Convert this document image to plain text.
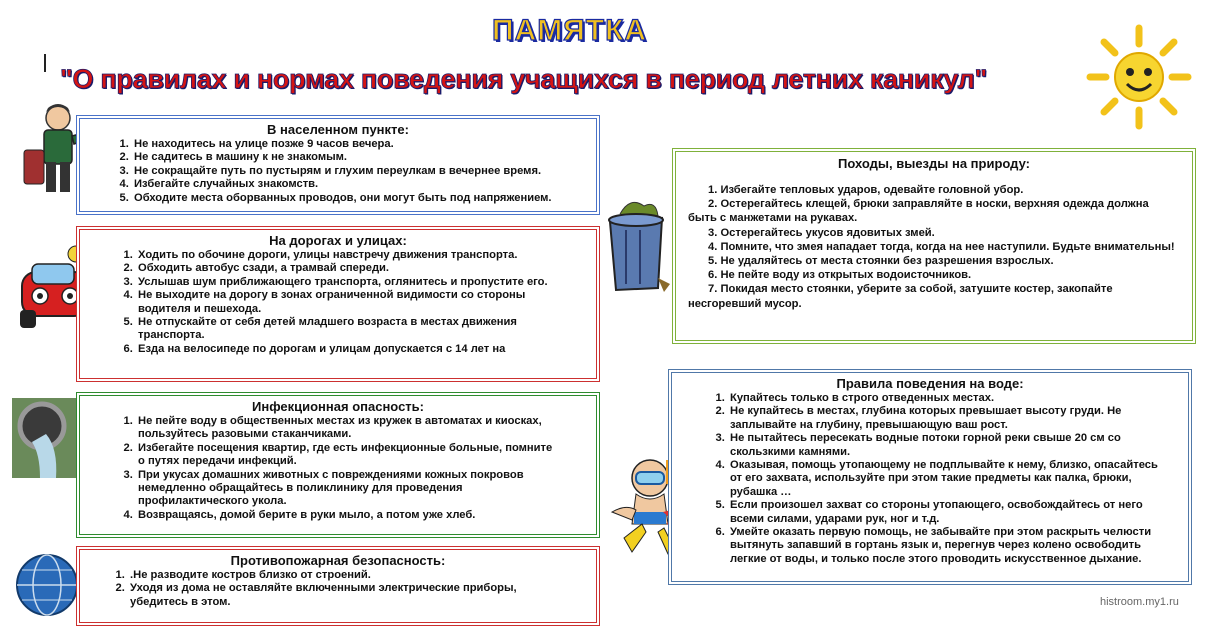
ПАМЯТКА
"О правилах и нормах поведения учащихся в период летних каникул"
В населенном пункте:
1. Не находитесь на улице позже 9 часов вечера.
2. Не садитесь в машину к не знакомым.
3. Не сокращайте путь по пустырям и глухим переулкам в вечернее время.
4. Избегайте случайных знакомств.
5. Обходите места оборванных проводов, они могут быть под напряжением.
На дорогах и улицах:
1. Ходить по обочине дороги, улицы навстречу движения транспорта.
2. Обходить автобус сзади, а трамвай спереди.
3. Услышав шум приближающего транспорта, оглянитесь и пропустите его.
4. Не выходите на дорогу в зонах ограниченной видимости со стороны водителя и пешехода.
5. Не отпускайте от себя детей младшего возраста в местах движения транспорта.
6. Езда на велосипеде по дорогам и улицам допускается с 14 лет на
Инфекционная опасность:
1. Не пейте воду в общественных местах из кружек в автоматах и киосках, пользуйтесь разовыми стаканчиками.
2. Избегайте посещения квартир, где есть инфекционные больные, помните о путях передачи инфекций.
3. При укусах домашних животных с повреждениями кожных покровов немедленно обращайтесь в поликлинику для проведения профилактического укола.
4. Возвращаясь, домой берите в руки мыло, а потом уже хлеб.
Противопожарная безопасность:
1. .Не разводите костров близко от строений.
2. Уходя из дома не оставляйте включенными электрические приборы, убедитесь в этом.
Походы, выезды на природу:
1. Избегайте тепловых ударов, одевайте головной убор.
2. Остерегайтесь клещей, брюки заправляйте в носки, верхняя одежда должна быть с манжетами на рукавах.
3. Остерегайтесь укусов ядовитых змей.
4. Помните, что змея нападает тогда, когда на нее наступили. Будьте внимательны!
5. Не удаляйтесь от места стоянки без разрешения взрослых.
6. Не пейте воду из открытых водоисточников.
7. Покидая место стоянки, уберите за собой, затушите костер, закопайте несгоревший мусор.
Правила поведения на воде:
1. Купайтесь только в строго отведенных местах.
2. Не купайтесь в местах, глубина которых превышает высоту груди. Не заплывайте на глубину, превышающую ваш рост.
3. Не пытайтесь пересекать водные потоки горной реки свыше 20 см со скользкими камнями.
4. Оказывая, помощь утопающему не подплывайте к нему, близко, опасайтесь от его захвата, используйте при этом такие предметы как палка, брюки, рубашка …
5. Если произошел захват со стороны утопающего, освобождайтесь от него всеми силами, ударами рук, ног и т.д.
6. Умейте оказать первую помощь, не забывайте при этом раскрыть челюсти вытянуть запавший в гортань язык и, перегнув через колено освободить легкие от воды, и только после этого проводить искусственное дыхание.
histroom.my1.ru
